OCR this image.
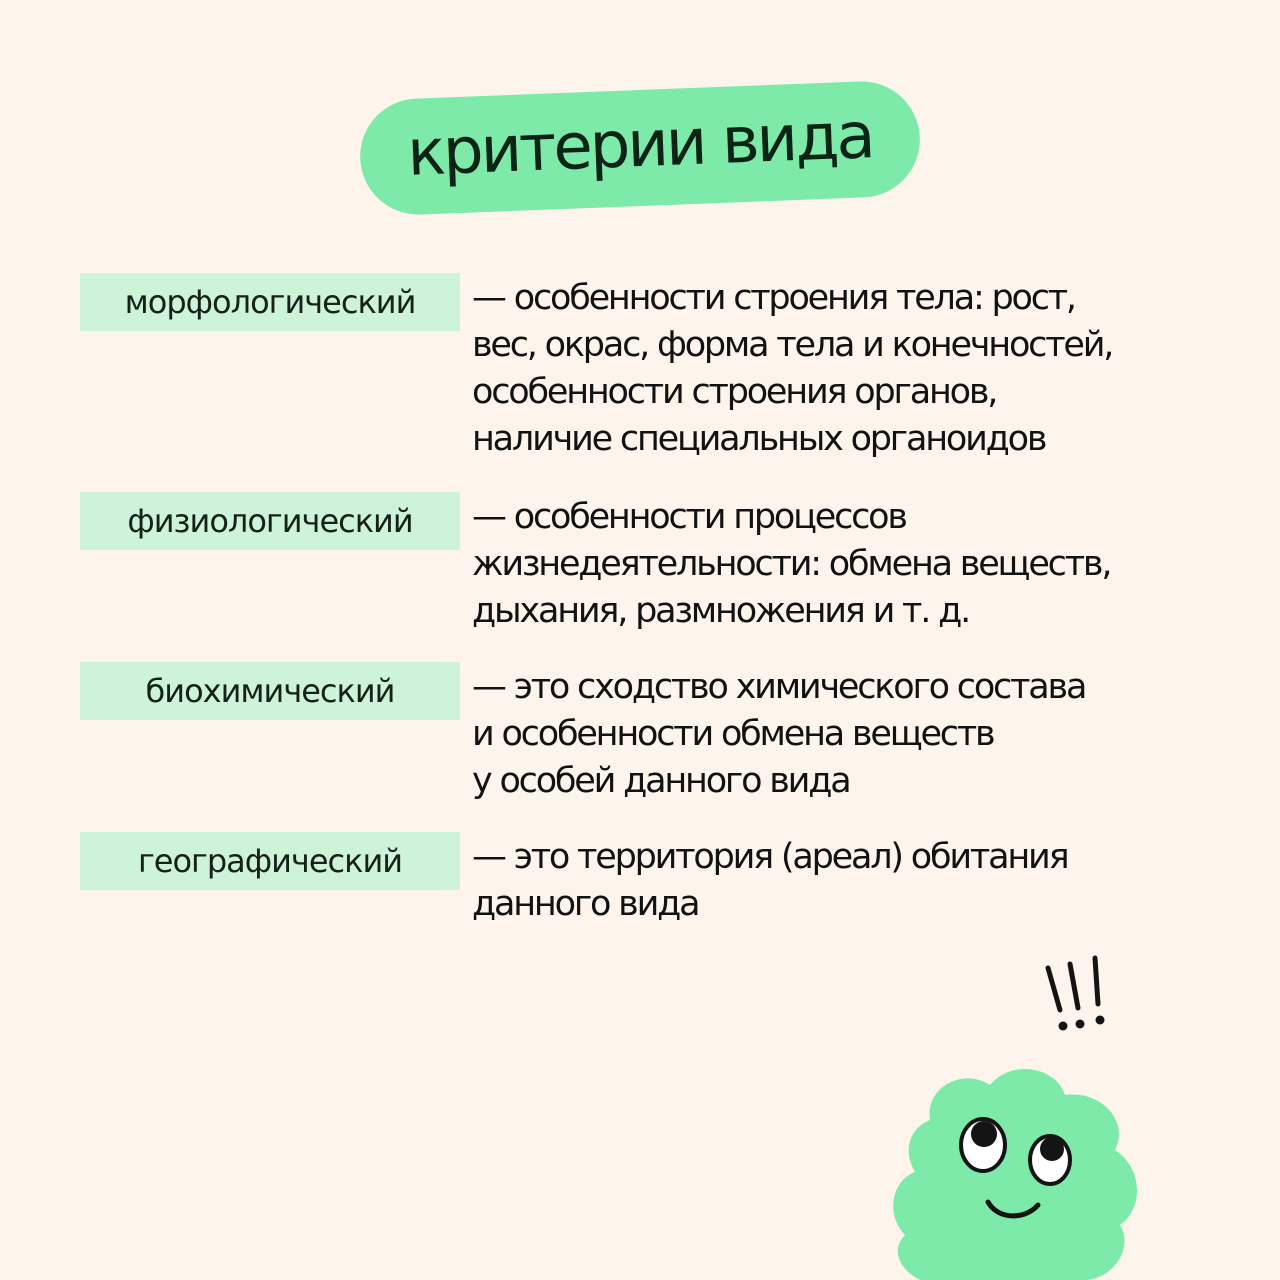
критерии вида
морфологический — особенности строения тела: рост,
вес, окрас, форма тела и конечностей,
особенности строения органов,
наличие специальных органоидов
физиологический — особенности процессов
жизнедеятельности: обмена веществ,
дыхания, размножения и т. д.
биохимический — это сходство химического состава
и особенности обмена веществ
у особей данного вида
географический — это территория (ареал) обитания
данного вида
